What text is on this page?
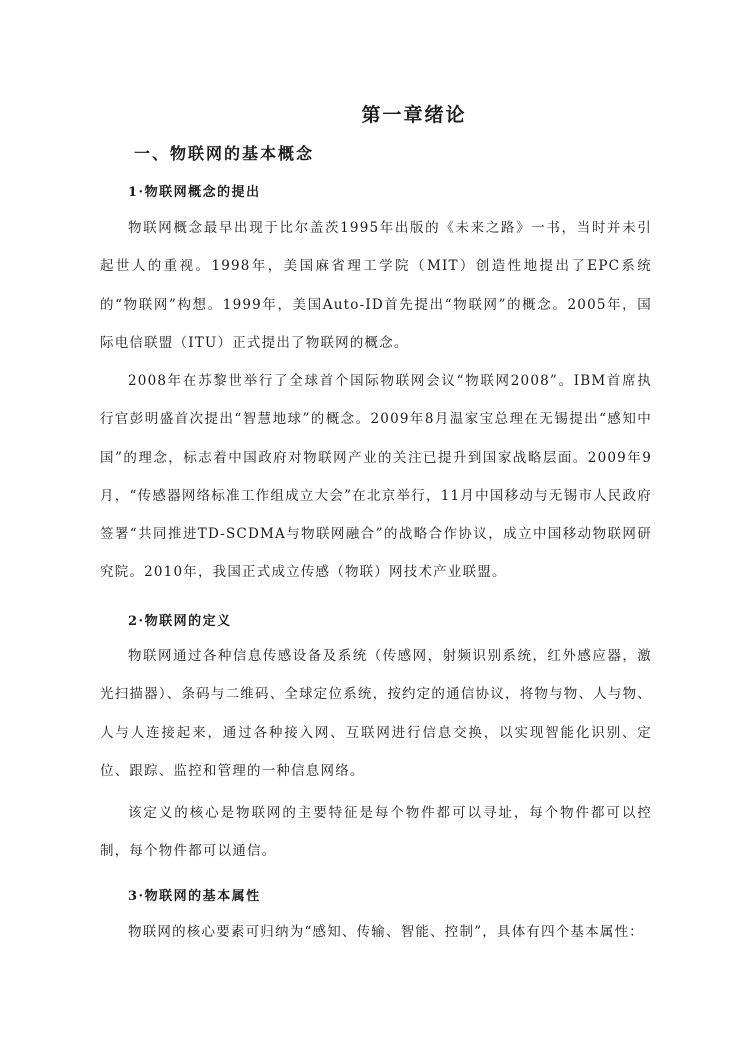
第一章绪论
一、物联网的基本概念
1·物联网概念的提出

物联网概念最早出现于比尔盖茨1995年出版的《未来之路》一书，当时并未引起世人的重视。1998年，美国麻省理工学院（MIT）创造性地提出了EPC系统的“物联网”构想。1999年，美国Auto-ID首先提出“物联网”的概念。2005年，国际电信联盟（ITU）正式提出了物联网的概念。

2008年在苏黎世举行了全球首个国际物联网会议“物联网2008”。IBM首席执行官彭明盛首次提出“智慧地球”的概念。2009年8月温家宝总理在无锡提出“感知中国”的理念，标志着中国政府对物联网产业的关注已提升到国家战略层面。2009年9月，“传感器网络标准工作组成立大会”在北京举行，11月中国移动与无锡市人民政府签署“共同推进TD-SCDMA与物联网融合”的战略合作协议，成立中国移动物联网研究院。2010年，我国正式成立传感（物联）网技术产业联盟。

2·物联网的定义

物联网通过各种信息传感设备及系统（传感网，射频识别系统，红外感应器，激光扫描器）、条码与二维码、全球定位系统，按约定的通信协议，将物与物、人与物、人与人连接起来，通过各种接入网、互联网进行信息交换，以实现智能化识别、定位、跟踪、监控和管理的一种信息网络。

该定义的核心是物联网的主要特征是每个物件都可以寻址，每个物件都可以控制，每个物件都可以通信。

3·物联网的基本属性

物联网的核心要素可归纳为“感知、传输、智能、控制”，具体有四个基本属性：
